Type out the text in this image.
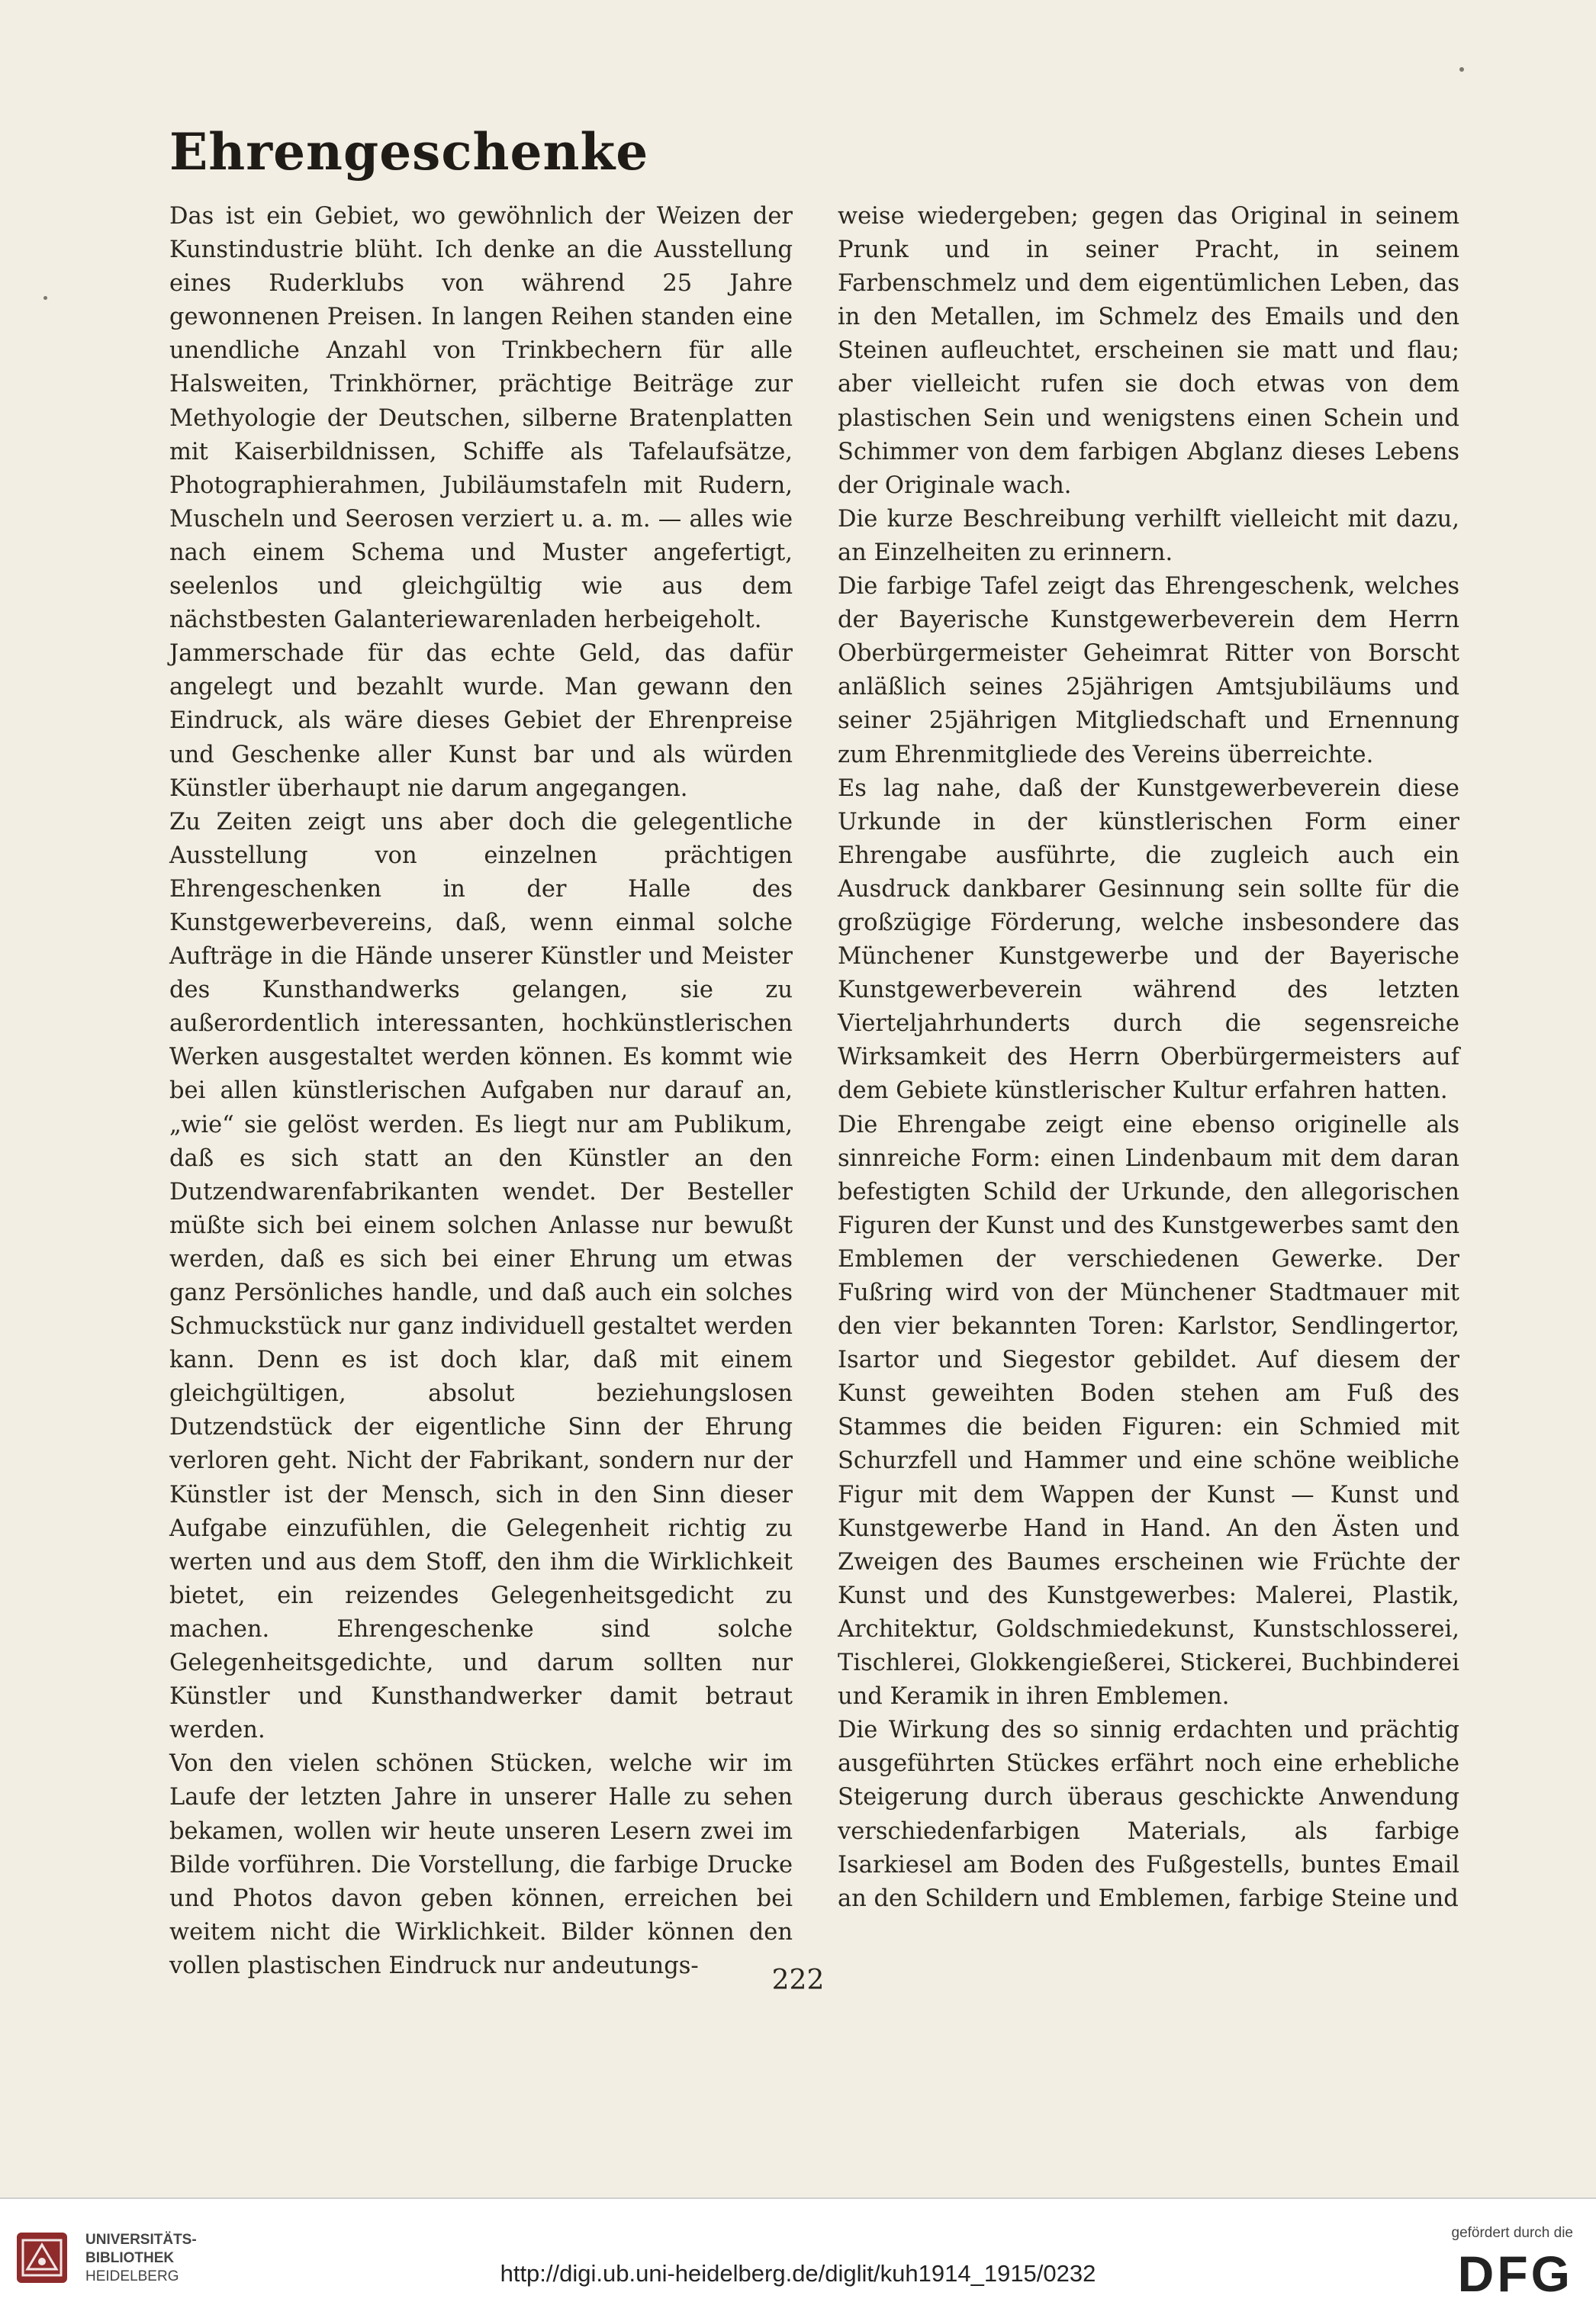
Ehrengeschenke

Das ist ein Gebiet, wo gewöhnlich der Weizen der Kunstindustrie blüht. Ich denke an die Ausstellung eines Ruderklubs von während 25 Jahre gewonnenen Preisen. In langen Reihen standen eine unendliche Anzahl von Trinkbechern für alle Halsweiten, Trinkhörner, prächtige Beiträge zur Methyologie der Deutschen, silberne Bratenplatten mit Kaiserbildnissen, Schiffe als Tafelaufsätze, Photographierahmen, Jubiläumstafeln mit Rudern, Muscheln und Seerosen verziert u. a. m. — alles wie nach einem Schema und Muster angefertigt, seelenlos und gleichgültig wie aus dem nächstbesten Galanteriewarenladen herbeigeholt.

Jammerschade für das echte Geld, das dafür angelegt und bezahlt wurde. Man gewann den Eindruck, als wäre dieses Gebiet der Ehrenpreise und Geschenke aller Kunst bar und als würden Künstler überhaupt nie darum angegangen.

Zu Zeiten zeigt uns aber doch die gelegentliche Ausstellung von einzelnen prächtigen Ehrengeschenken in der Halle des Kunstgewerbevereins, daß, wenn einmal solche Aufträge in die Hände unserer Künstler und Meister des Kunsthandwerks gelangen, sie zu außerordentlich interessanten, hochkünstlerischen Werken ausgestaltet werden können. Es kommt wie bei allen künstlerischen Aufgaben nur darauf an, „wie“ sie gelöst werden. Es liegt nur am Publikum, daß es sich statt an den Künstler an den Dutzendwarenfabrikanten wendet. Der Besteller müßte sich bei einem solchen Anlasse nur bewußt werden, daß es sich bei einer Ehrung um etwas ganz Persönliches handle, und daß auch ein solches Schmuckstück nur ganz individuell gestaltet werden kann. Denn es ist doch klar, daß mit einem gleichgültigen, absolut beziehungslosen Dutzendstück der eigentliche Sinn der Ehrung verloren geht. Nicht der Fabrikant, sondern nur der Künstler ist der Mensch, sich in den Sinn dieser Aufgabe einzufühlen, die Gelegenheit richtig zu werten und aus dem Stoff, den ihm die Wirklichkeit bietet, ein reizendes Gelegenheitsgedicht zu machen. Ehrengeschenke sind solche Gelegenheitsgedichte, und darum sollten nur Künstler und Kunsthandwerker damit betraut werden.

Von den vielen schönen Stücken, welche wir im Laufe der letzten Jahre in unserer Halle zu sehen bekamen, wollen wir heute unseren Lesern zwei im Bilde vorführen. Die Vorstellung, die farbige Drucke und Photos davon geben können, erreichen bei weitem nicht die Wirklichkeit. Bilder können den vollen plastischen Eindruck nur andeutungs-

weise wiedergeben; gegen das Original in seinem Prunk und in seiner Pracht, in seinem Farbenschmelz und dem eigentümlichen Leben, das in den Metallen, im Schmelz des Emails und den Steinen aufleuchtet, erscheinen sie matt und flau; aber vielleicht rufen sie doch etwas von dem plastischen Sein und wenigstens einen Schein und Schimmer von dem farbigen Abglanz dieses Lebens der Originale wach.

Die kurze Beschreibung verhilft vielleicht mit dazu, an Einzelheiten zu erinnern.

Die farbige Tafel zeigt das Ehrengeschenk, welches der Bayerische Kunstgewerbeverein dem Herrn Oberbürgermeister Geheimrat Ritter von Borscht anläßlich seines 25jährigen Amtsjubiläums und seiner 25jährigen Mitgliedschaft und Ernennung zum Ehrenmitgliede des Vereins überreichte.

Es lag nahe, daß der Kunstgewerbeverein diese Urkunde in der künstlerischen Form einer Ehrengabe ausführte, die zugleich auch ein Ausdruck dankbarer Gesinnung sein sollte für die großzügige Förderung, welche insbesondere das Münchener Kunstgewerbe und der Bayerische Kunstgewerbeverein während des letzten Vierteljahrhunderts durch die segensreiche Wirksamkeit des Herrn Oberbürgermeisters auf dem Gebiete künstlerischer Kultur erfahren hatten.

Die Ehrengabe zeigt eine ebenso originelle als sinnreiche Form: einen Lindenbaum mit dem daran befestigten Schild der Urkunde, den allegorischen Figuren der Kunst und des Kunstgewerbes samt den Emblemen der verschiedenen Gewerke. Der Fußring wird von der Münchener Stadtmauer mit den vier bekannten Toren: Karlstor, Sendlingertor, Isartor und Siegestor gebildet. Auf diesem der Kunst geweihten Boden stehen am Fuß des Stammes die beiden Figuren: ein Schmied mit Schurzfell und Hammer und eine schöne weibliche Figur mit dem Wappen der Kunst — Kunst und Kunstgewerbe Hand in Hand. An den Ästen und Zweigen des Baumes erscheinen wie Früchte der Kunst und des Kunstgewerbes: Malerei, Plastik, Architektur, Goldschmiedekunst, Kunstschlosserei, Tischlerei, Glokkengießerei, Stickerei, Buchbinderei und Keramik in ihren Emblemen.

Die Wirkung des so sinnig erdachten und prächtig ausgeführten Stückes erfährt noch eine erhebliche Steigerung durch überaus geschickte Anwendung verschiedenfarbigen Materials, als farbige Isarkiesel am Boden des Fußgestells, buntes Email an den Schildern und Emblemen, farbige Steine und

222
UNIVERSITÄTS-
BIBLIOTHEK
HEIDELBERG	http://digi.ub.uni-heidelberg.de/diglit/kuh1914_1915/0232
gefördert durch die
DFG
